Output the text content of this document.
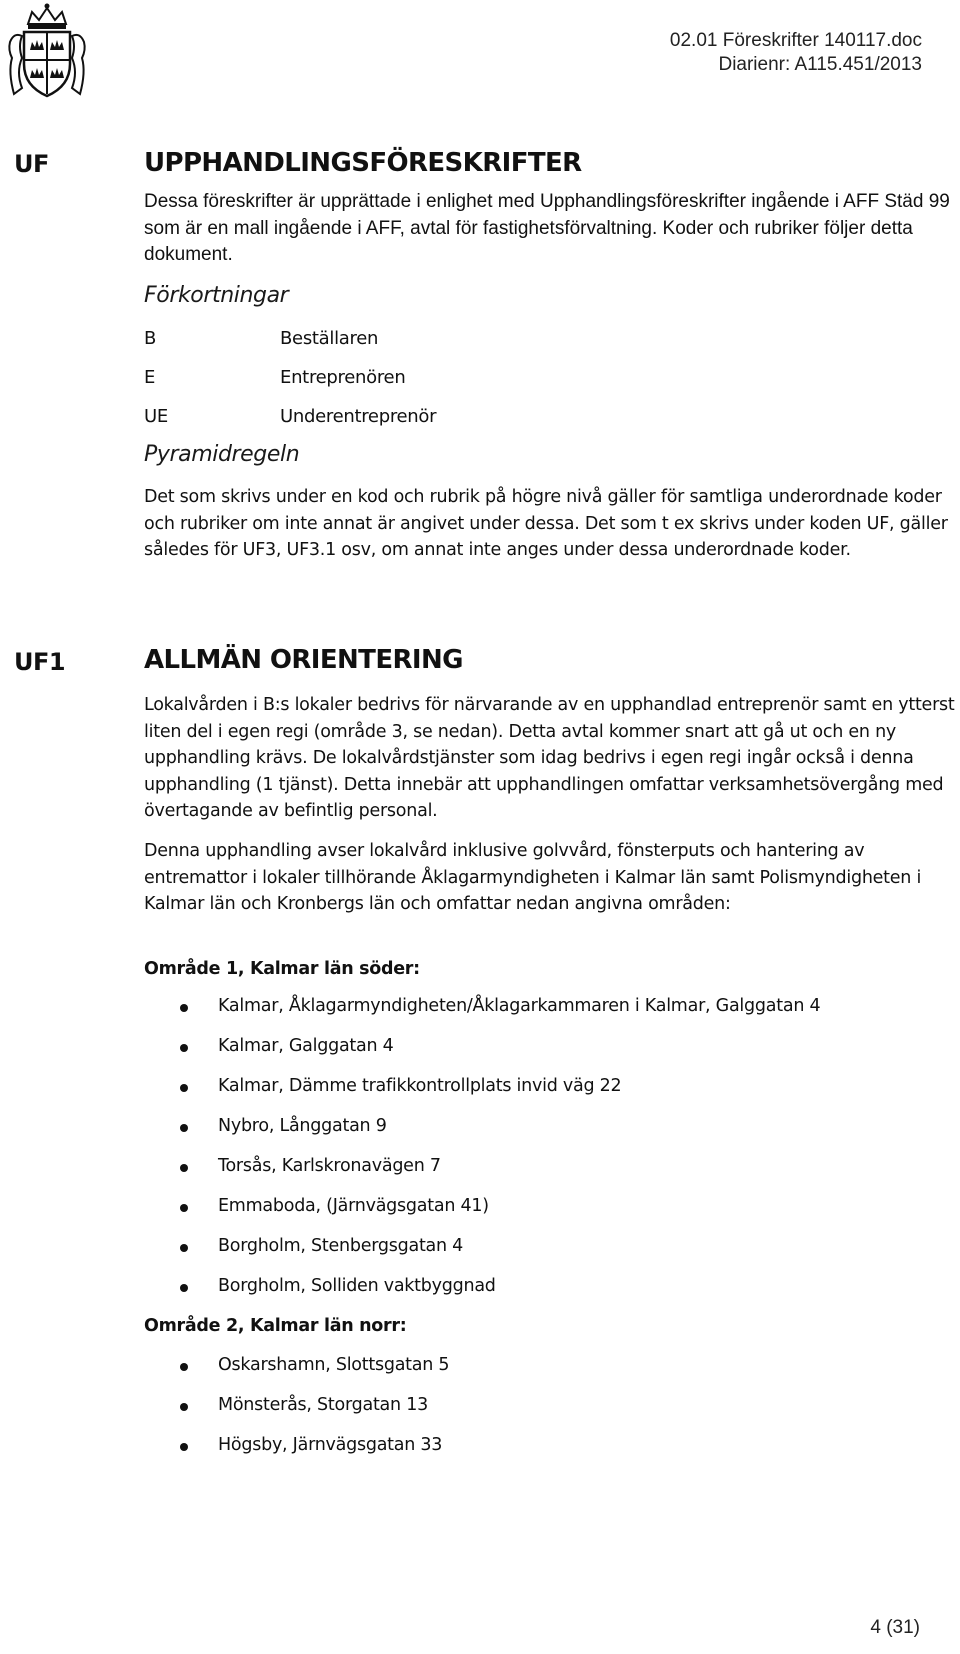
02.01 Föreskrifter 140117.doc
Diarienr: A115.451/2013
UF	UPPHANDLINGSFÖRESKRIFTER
Dessa föreskrifter är upprättade i enlighet med Upphandlingsföreskrifter ingående i AFF Städ 99 som är en mall ingående i AFF, avtal för fastighetsförvaltning. Koder och rubriker följer detta dokument.
Förkortningar
B	Beställaren
E	Entreprenören
UE	Underentreprenör
Pyramidregeln
Det som skrivs under en kod och rubrik på högre nivå gäller för samtliga underordnade koder och rubriker om inte annat är angivet under dessa. Det som t ex skrivs under koden UF, gäller således för UF3, UF3.1 osv, om annat inte anges under dessa underordnade koder.
UF1	ALLMÄN ORIENTERING
Lokalvården i B:s lokaler bedrivs för närvarande av en upphandlad entreprenör samt en ytterst liten del i egen regi (område 3, se nedan). Detta avtal kommer snart att gå ut och en ny upphandling krävs. De lokalvårdstjänster som idag bedrivs i egen regi ingår också i denna upphandling (1 tjänst). Detta innebär att upphandlingen omfattar verksamhetsövergång med övertagande av befintlig personal.
Denna upphandling avser lokalvård inklusive golvvård, fönsterputs och hantering av entremattor i lokaler tillhörande Åklagarmyndigheten i Kalmar län samt Polismyndigheten i Kalmar län och Kronbergs län och omfattar nedan angivna områden:
Område 1, Kalmar län söder:
Kalmar, Åklagarmyndigheten/Åklagarkammaren i Kalmar, Galggatan 4
Kalmar, Galggatan 4
Kalmar, Dämme trafikkontrollplats invid väg 22
Nybro, Långgatan 9
Torsås, Karlskronavägen 7
Emmaboda, (Järnvägsgatan 41)
Borgholm, Stenbergsgatan 4
Borgholm, Solliden vaktbyggnad
Område 2, Kalmar län norr:
Oskarshamn, Slottsgatan 5
Mönsterås, Storgatan 13
Högsby, Järnvägsgatan 33
4 (31)
